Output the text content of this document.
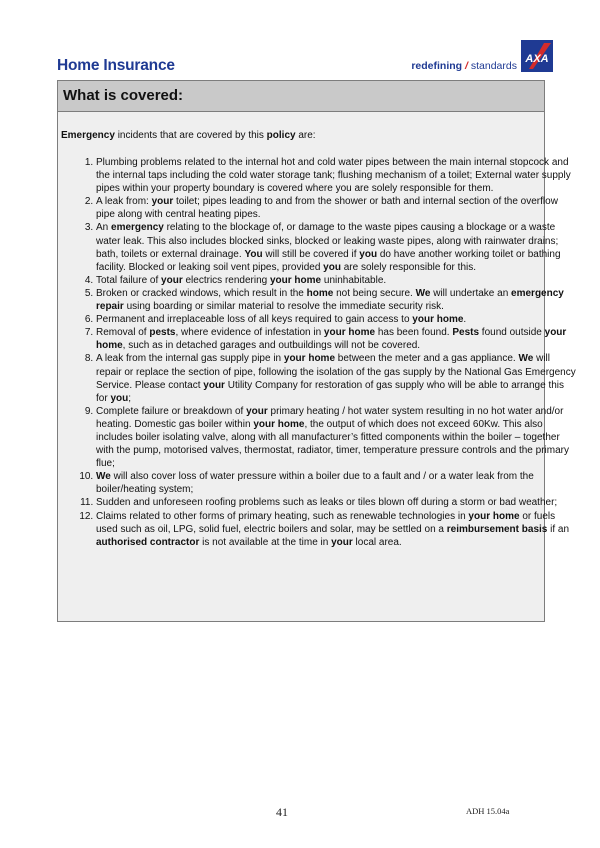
Home Insurance	redefining / standards
AXA
What is covered:
Emergency incidents that are covered by this policy are:
1. Plumbing problems related to the internal hot and cold water pipes between the main internal stopcock and the internal taps including the cold water storage tank; flushing mechanism of a toilet; External water supply pipes within your property boundary is covered where you are solely responsible for them.
2. A leak from: your toilet; pipes leading to and from the shower or bath and internal section of the overflow pipe along with central heating pipes.
3. An emergency relating to the blockage of, or damage to the waste pipes causing a blockage or a waste water leak. This also includes blocked sinks, blocked or leaking waste pipes, along with rainwater drains; bath, toilets or external drainage. You will still be covered if you do have another working toilet or bathing facility. Blocked or leaking soil vent pipes, provided you are solely responsible for this.
4. Total failure of your electrics rendering your home uninhabitable.
5. Broken or cracked windows, which result in the home not being secure. We will undertake an emergency repair using boarding or similar material to resolve the immediate security risk.
6. Permanent and irreplaceable loss of all keys required to gain access to your home.
7. Removal of pests, where evidence of infestation in your home has been found. Pests found outside your home, such as in detached garages and outbuildings will not be covered.
8. A leak from the internal gas supply pipe in your home between the meter and a gas appliance. We will repair or replace the section of pipe, following the isolation of the gas supply by the National Gas Emergency Service. Please contact your Utility Company for restoration of gas supply who will be able to arrange this for you;
9. Complete failure or breakdown of your primary heating / hot water system resulting in no hot water and/or heating. Domestic gas boiler within your home, the output of which does not exceed 60Kw. This also includes boiler isolating valve, along with all manufacturer’s fitted components within the boiler – together with the pump, motorised valves, thermostat, radiator, timer, temperature pressure controls and the primary flue;
10. We will also cover loss of water pressure within a boiler due to a fault and / or a water leak from the boiler/heating system;
11. Sudden and unforeseen roofing problems such as leaks or tiles blown off during a storm or bad weather;
12. Claims related to other forms of primary heating, such as renewable technologies in your home or fuels used such as oil, LPG, solid fuel, electric boilers and solar, may be settled on a reimbursement basis if an authorised contractor is not available at the time in your local area.
41	ADH 15.04a
